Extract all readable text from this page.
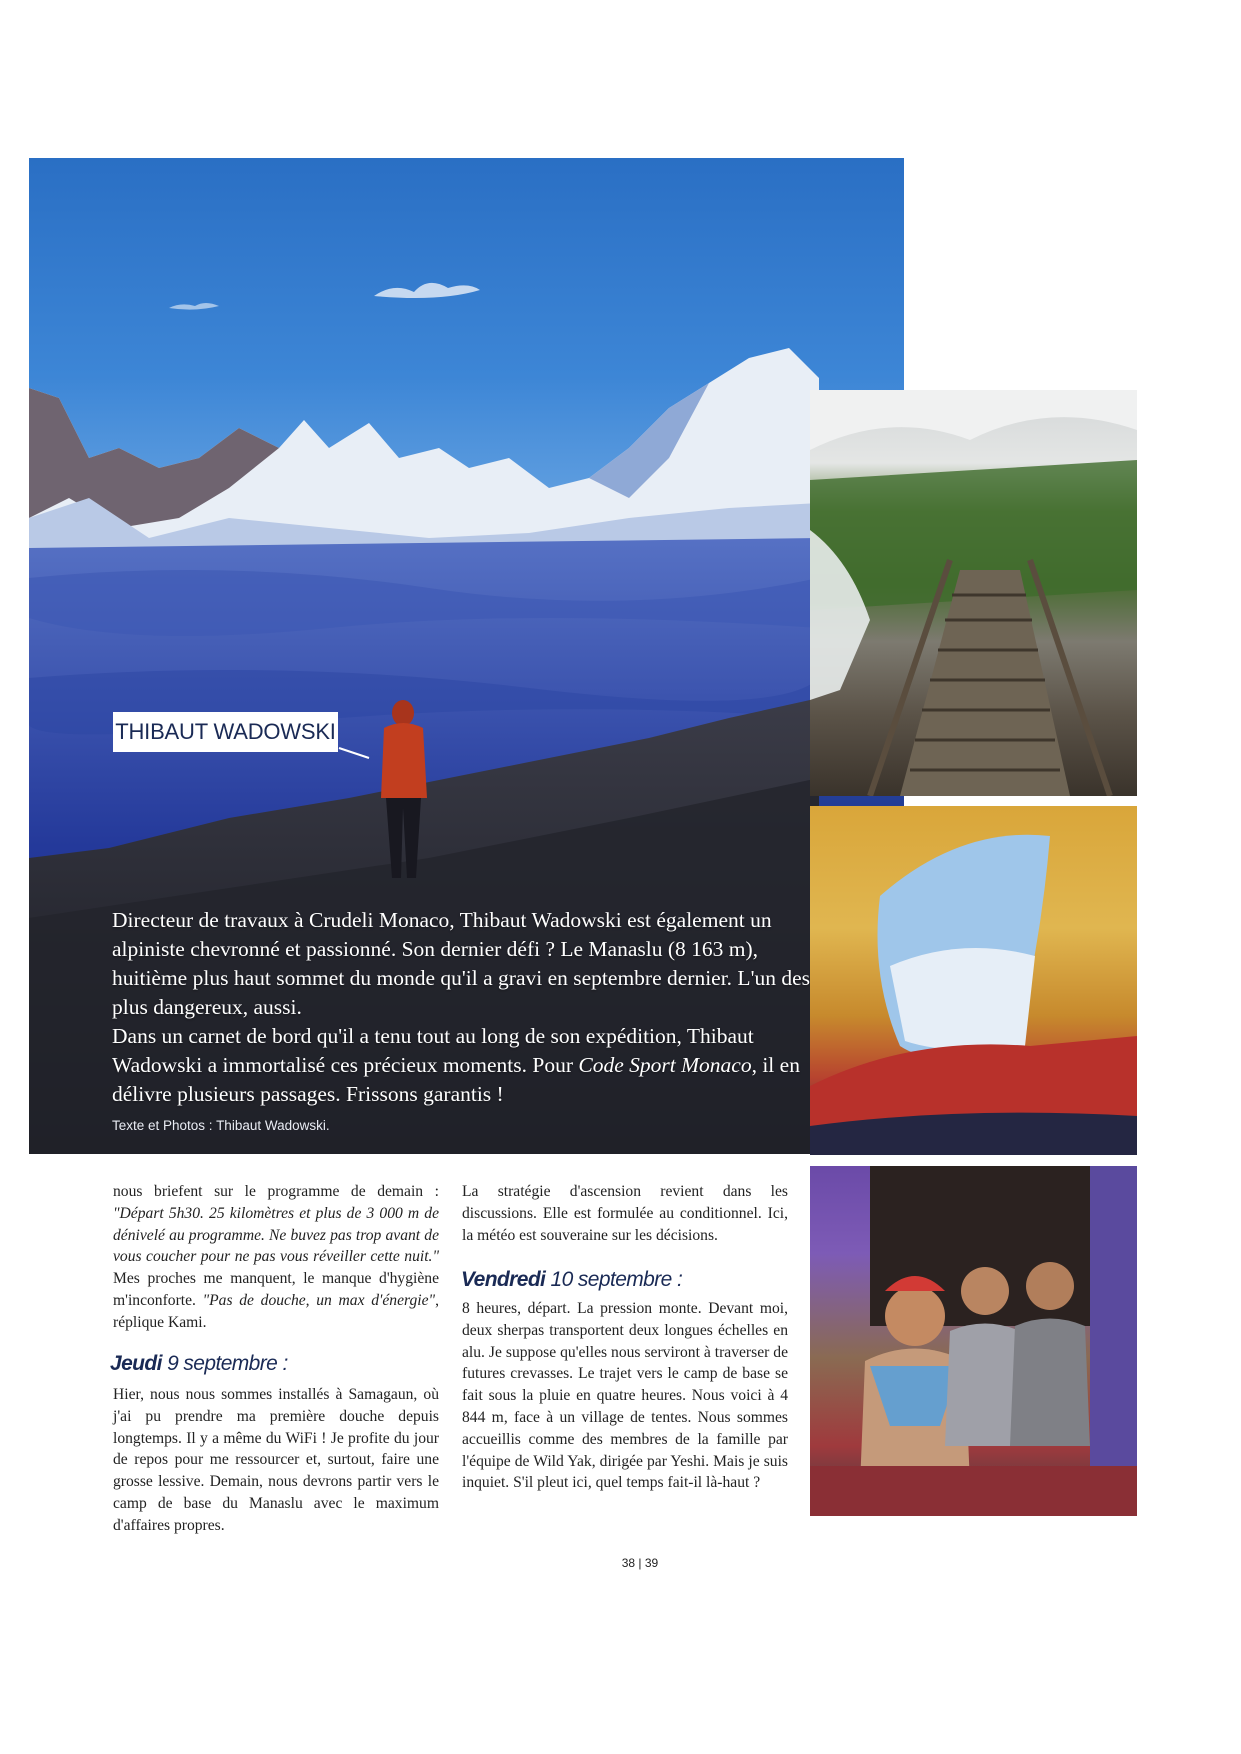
THIBAUT WADOWSKI

Directeur de travaux à Crudeli Monaco, Thibaut Wadowski est également un alpiniste chevronné et passionné. Son dernier défi ? Le Manaslu (8 163 m), huitième plus haut sommet du monde qu'il a gravi en septembre dernier. L'un des plus dangereux, aussi.

Dans un carnet de bord qu'il a tenu tout au long de son expédition, Thibaut Wadowski a immortalisé ces précieux moments. Pour Code Sport Monaco, il en délivre plusieurs passages. Frissons garantis !

Texte et Photos : Thibaut Wadowski.

nous briefent sur le programme de demain : "Départ 5h30. 25 kilomètres et plus de 3 000 m de dénivelé au programme. Ne buvez pas trop avant de vous coucher pour ne pas vous réveiller cette nuit." Mes proches me manquent, le manque d'hygiène m'inconforte. "Pas de douche, un max d'énergie", réplique Kami.

Jeudi 9 septembre :

Hier, nous nous sommes installés à Samagaun, où j'ai pu prendre ma première douche depuis longtemps. Il y a même du WiFi ! Je profite du jour de repos pour me ressourcer et, surtout, faire une grosse lessive. Demain, nous devrons partir vers le camp de base du Manaslu avec le maximum d'affaires propres.

La stratégie d'ascension revient dans les discussions. Elle est formulée au conditionnel. Ici, la météo est souveraine sur les décisions.

Vendredi 10 septembre :

8 heures, départ. La pression monte. Devant moi, deux sherpas transportent deux longues échelles en alu. Je suppose qu'elles nous serviront à traverser de futures crevasses. Le trajet vers le camp de base se fait sous la pluie en quatre heures. Nous voici à 4 844 m, face à un village de tentes. Nous sommes accueillis comme des membres de la famille par l'équipe de Wild Yak, dirigée par Yeshi. Mais je suis inquiet. S'il pleut ici, quel temps fait-il là-haut ?

38 | 39
